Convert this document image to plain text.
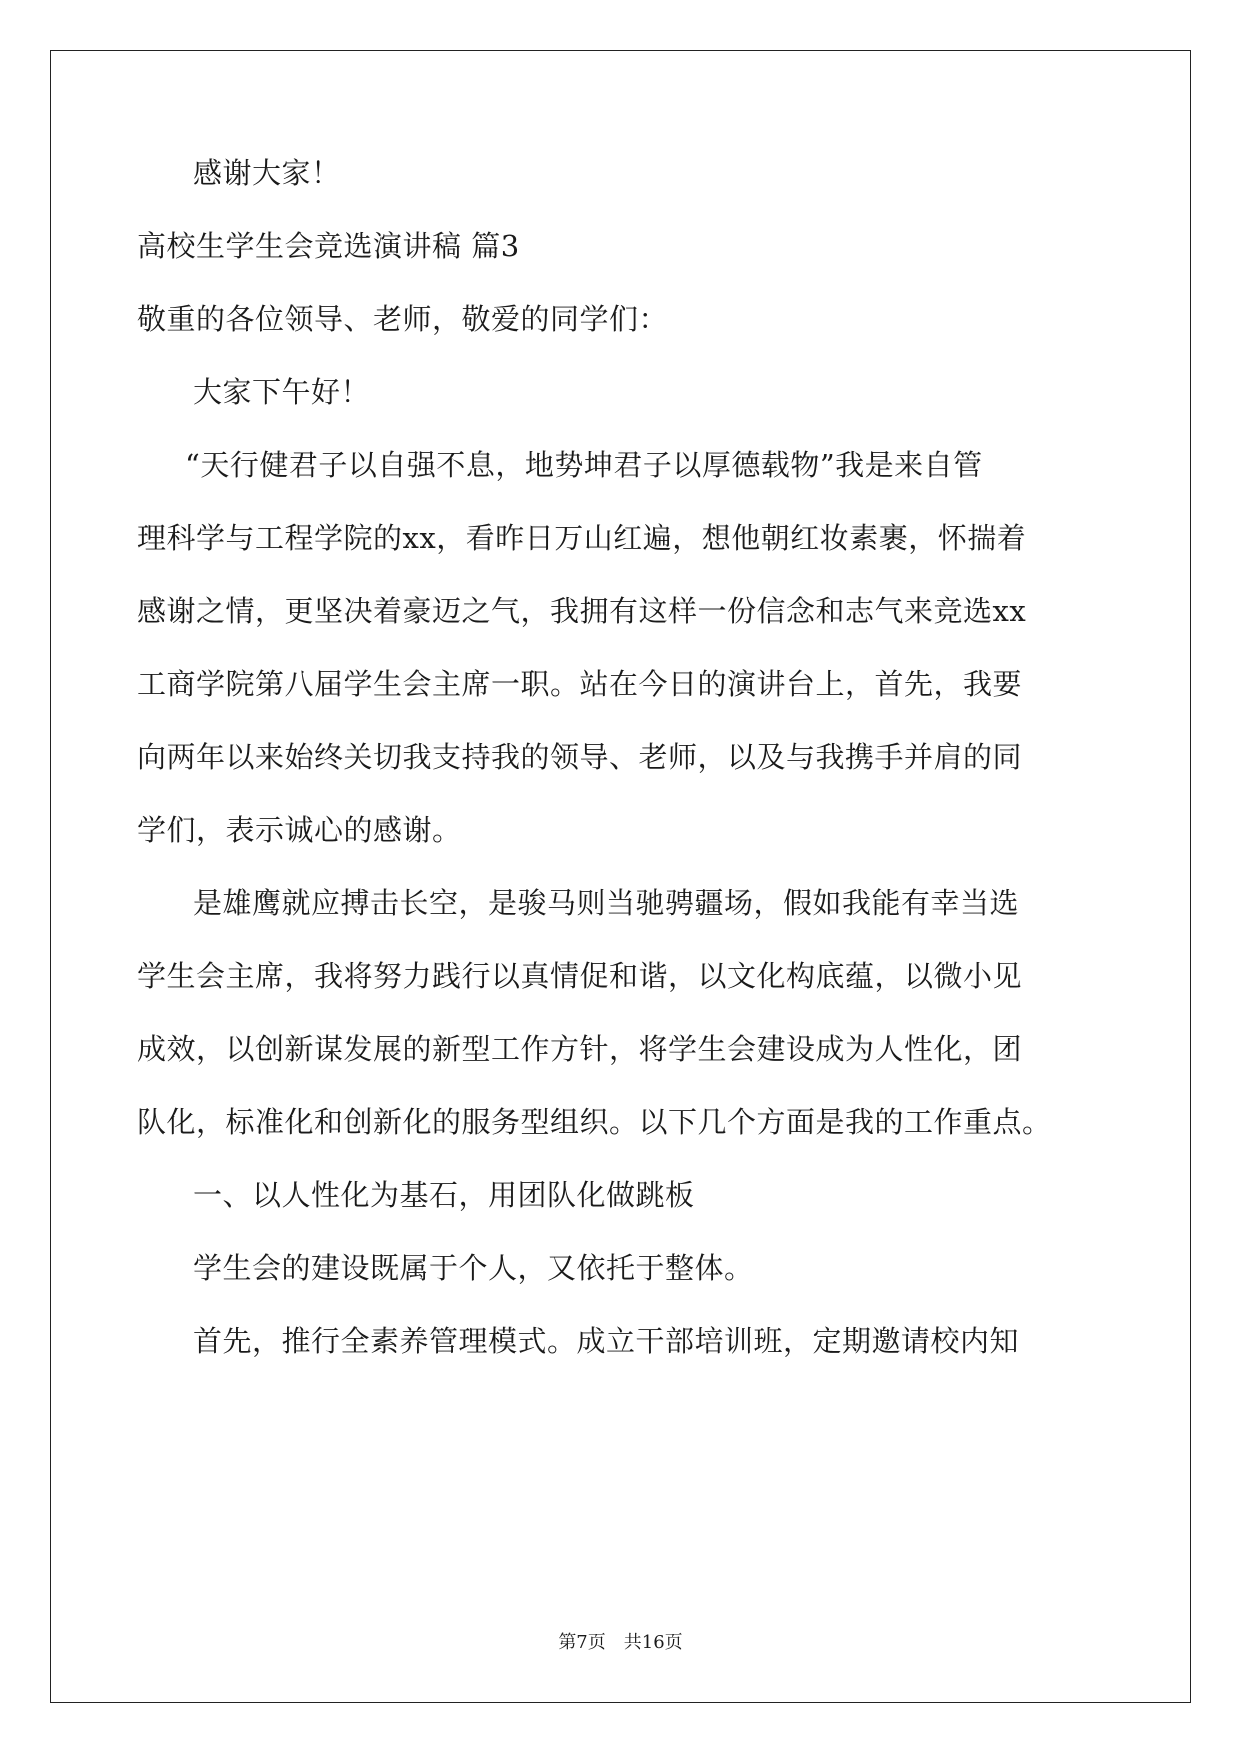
感谢大家！
高校生学生会竞选演讲稿 篇3
敬重的各位领导、老师，敬爱的同学们：
大家下午好！
“天行健君子以自强不息，地势坤君子以厚德载物”我是来自管
理科学与工程学院的xx，看昨日万山红遍，想他朝红妆素裹，怀揣着
感谢之情，更坚决着豪迈之气，我拥有这样一份信念和志气来竞选xx
工商学院第八届学生会主席一职。站在今日的演讲台上，首先，我要
向两年以来始终关切我支持我的领导、老师，以及与我携手并肩的同
学们，表示诚心的感谢。
是雄鹰就应搏击长空，是骏马则当驰骋疆场，假如我能有幸当选
学生会主席，我将努力践行以真情促和谐，以文化构底蕴，以微小见
成效，以创新谋发展的新型工作方针，将学生会建设成为人性化，团
队化，标准化和创新化的服务型组织。以下几个方面是我的工作重点。
一、以人性化为基石，用团队化做跳板
学生会的建设既属于个人，又依托于整体。
首先，推行全素养管理模式。成立干部培训班，定期邀请校内知
第7页　共16页
